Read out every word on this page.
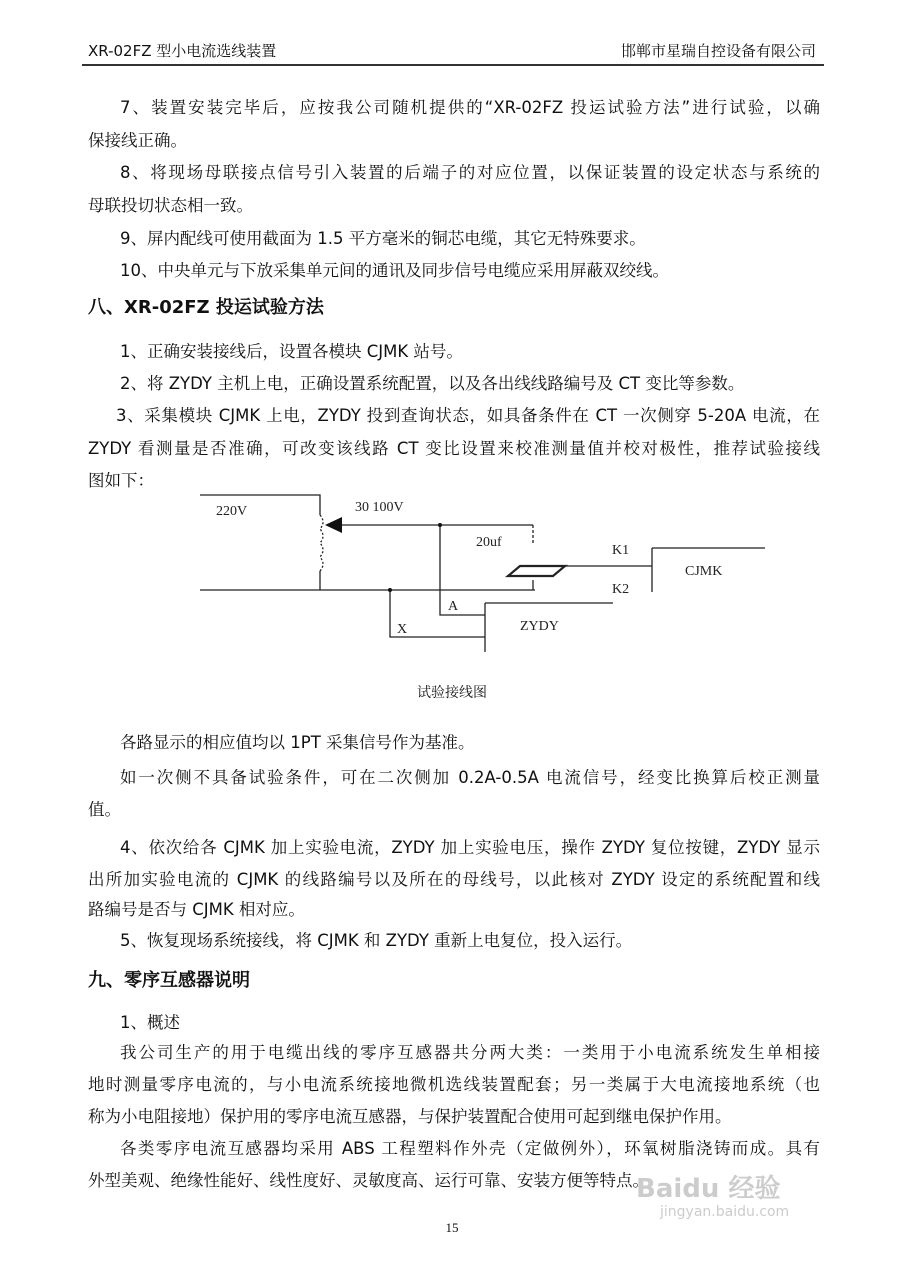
XR-02FZ 型小电流选线装置	邯郸市星瑞自控设备有限公司
7、装置安装完毕后，应按我公司随机提供的“XR-02FZ 投运试验方法”进行试验，以确
保接线正确。
8、将现场母联接点信号引入装置的后端子的对应位置，以保证装置的设定状态与系统的
母联投切状态相一致。
9、屏内配线可使用截面为 1.5 平方毫米的铜芯电缆，其它无特殊要求。
10、中央单元与下放采集单元间的通讯及同步信号电缆应采用屏蔽双绞线。
八、XR-02FZ 投运试验方法
1、正确安装接线后，设置各模块 CJMK 站号。
2、将 ZYDY 主机上电，正确设置系统配置，以及各出线线路编号及 CT 变比等参数。
3、采集模块 CJMK 上电，ZYDY 投到查询状态，如具备条件在 CT 一次侧穿 5-20A 电流，在
ZYDY 看测量是否准确，可改变该线路 CT 变比设置来校准测量值并校对极性，推荐试验接线
图如下：
220V	30 100V
20uf
K1
K2
CJMK
A
X	ZYDY
试验接线图
各路显示的相应值均以 1PT 采集信号作为基准。
如一次侧不具备试验条件，可在二次侧加 0.2A-0.5A 电流信号，经变比换算后校正测量
值。
4、依次给各 CJMK 加上实验电流，ZYDY 加上实验电压，操作 ZYDY 复位按键，ZYDY 显示
出所加实验电流的 CJMK 的线路编号以及所在的母线号，以此核对 ZYDY 设定的系统配置和线
路编号是否与 CJMK 相对应。
5、恢复现场系统接线，将 CJMK 和 ZYDY 重新上电复位，投入运行。
九、零序互感器说明
1、概述
我公司生产的用于电缆出线的零序互感器共分两大类：一类用于小电流系统发生单相接
地时测量零序电流的，与小电流系统接地微机选线装置配套；另一类属于大电流接地系统（也
称为小电阻接地）保护用的零序电流互感器，与保护装置配合使用可起到继电保护作用。
各类零序电流互感器均采用 ABS 工程塑料作外壳（定做例外），环氧树脂浇铸而成。具有
外型美观、绝缘性能好、线性度好、灵敏度高、运行可靠、安装方便等特点。
Baidu 经验
jingyan.baidu.com
15
